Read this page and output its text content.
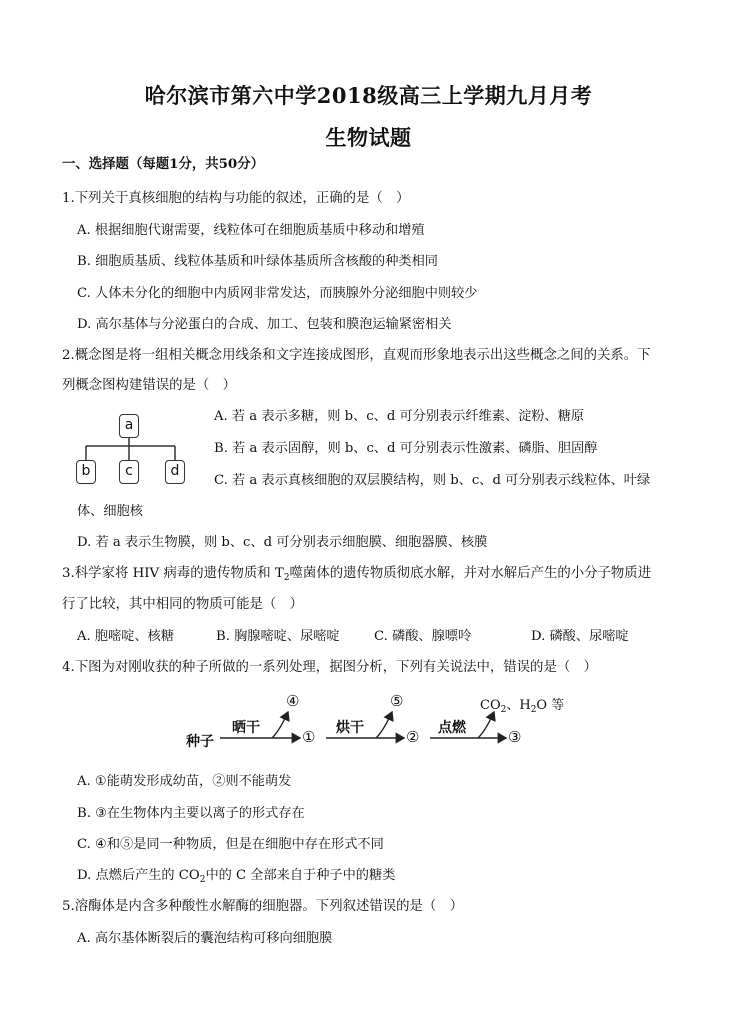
哈尔滨市第六中学2018级高三上学期九月月考
生物试题
一、选择题（每题1分，共50分）
1.下列关于真核细胞的结构与功能的叙述，正确的是（　）
A. 根据细胞代谢需要，线粒体可在细胞质基质中移动和增殖
B. 细胞质基质、线粒体基质和叶绿体基质所含核酸的种类相同
C. 人体未分化的细胞中内质网非常发达，而胰腺外分泌细胞中则较少
D. 高尔基体与分泌蛋白的合成、加工、包装和膜泡运输紧密相关
2.概念图是将一组相关概念用线条和文字连接成图形，直观而形象地表示出这些概念之间的关系。下
列概念图构建错误的是（　）
a
b	c	d
A. 若 a 表示多糖，则 b、c、d 可分别表示纤维素、淀粉、糖原
B. 若 a 表示固醇，则 b、c、d 可分别表示性激素、磷脂、胆固醇
C. 若 a 表示真核细胞的双层膜结构，则 b、c、d 可分别表示线粒体、叶绿
体、细胞核
D. 若 a 表示生物膜，则 b、c、d 可分别表示细胞膜、细胞器膜、核膜
3.科学家将 HIV 病毒的遗传物质和 $T_2$噬菌体的遗传物质彻底水解，并对水解后产生的小分子物质进
行了比较，其中相同的物质可能是（　）
A. 胞嘧啶、核糖	B. 胸腺嘧啶、尿嘧啶	C. 磷酸、腺嘌呤	D. 磷酸、尿嘧啶
4.下图为对刚收获的种子所做的一系列处理，据图分析，下列有关说法中，错误的是（　）
种子
晒干	烘干	点燃
①	②	③
④	⑤	$CO_2$、$H_2O$ 等
A. ①能萌发形成幼苗，②则不能萌发
B. ③在生物体内主要以离子的形式存在
C. ④和⑤是同一种物质，但是在细胞中存在形式不同
D. 点燃后产生的 $CO_2$中的 C 全部来自于种子中的糖类
5.溶酶体是内含多种酸性水解酶的细胞器。下列叙述错误的是（　）
A. 高尔基体断裂后的囊泡结构可移向细胞膜
